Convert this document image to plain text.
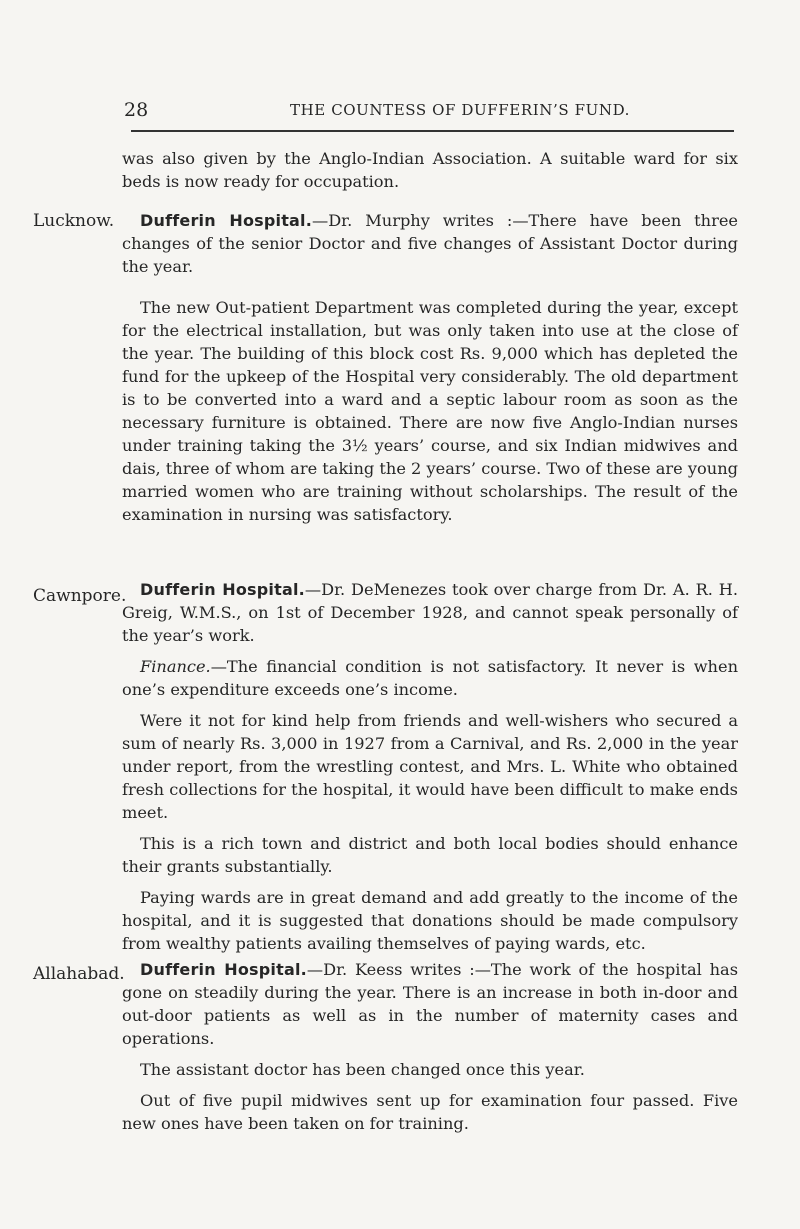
28	THE COUNTESS OF DUFFERIN’S FUND.

was also given by the Anglo-Indian Association. A suitable ward for six beds is now ready for occupation.

Lucknow.	Dufferin Hospital.—Dr. Murphy writes :—There have been three changes of the senior Doctor and five changes of Assistant Doctor during the year.

The new Out-patient Department was completed during the year, except for the electrical installation, but was only taken into use at the close of the year. The building of this block cost Rs. 9,000 which has depleted the fund for the upkeep of the Hospital very considerably. The old department is to be converted into a ward and a septic labour room as soon as the necessary furniture is obtained. There are now five Anglo-Indian nurses under training taking the 3½ years’ course, and six Indian midwives and dais, three of whom are taking the 2 years’ course. Two of these are young married women who are training without scholarships. The result of the examination in nursing was satisfactory.

Cawnpore. Dufferin Hospital.—Dr. DeMenezes took over charge from Dr. A. R. H. Greig, W.M.S., on 1st of December 1928, and cannot speak personally of the year’s work.

Finance.—The financial condition is not satisfactory. It never is when one’s expenditure exceeds one’s income.

Were it not for kind help from friends and well-wishers who secured a sum of nearly Rs. 3,000 in 1927 from a Carnival, and Rs. 2,000 in the year under report, from the wrestling contest, and Mrs. L. White who obtained fresh collections for the hospital, it would have been difficult to make ends meet.

This is a rich town and district and both local bodies should enhance their grants substantially.

Paying wards are in great demand and add greatly to the income of the hospital, and it is suggested that donations should be made compulsory from wealthy patients availing themselves of paying wards, etc.

Allahabad. Dufferin Hospital.—Dr. Keess writes :—The work of the hospital has gone on steadily during the year. There is an increase in both in-door and out-door patients as well as in the number of maternity cases and operations.

The assistant doctor has been changed once this year.

Out of five pupil midwives sent up for examination four passed. Five new ones have been taken on for training.
